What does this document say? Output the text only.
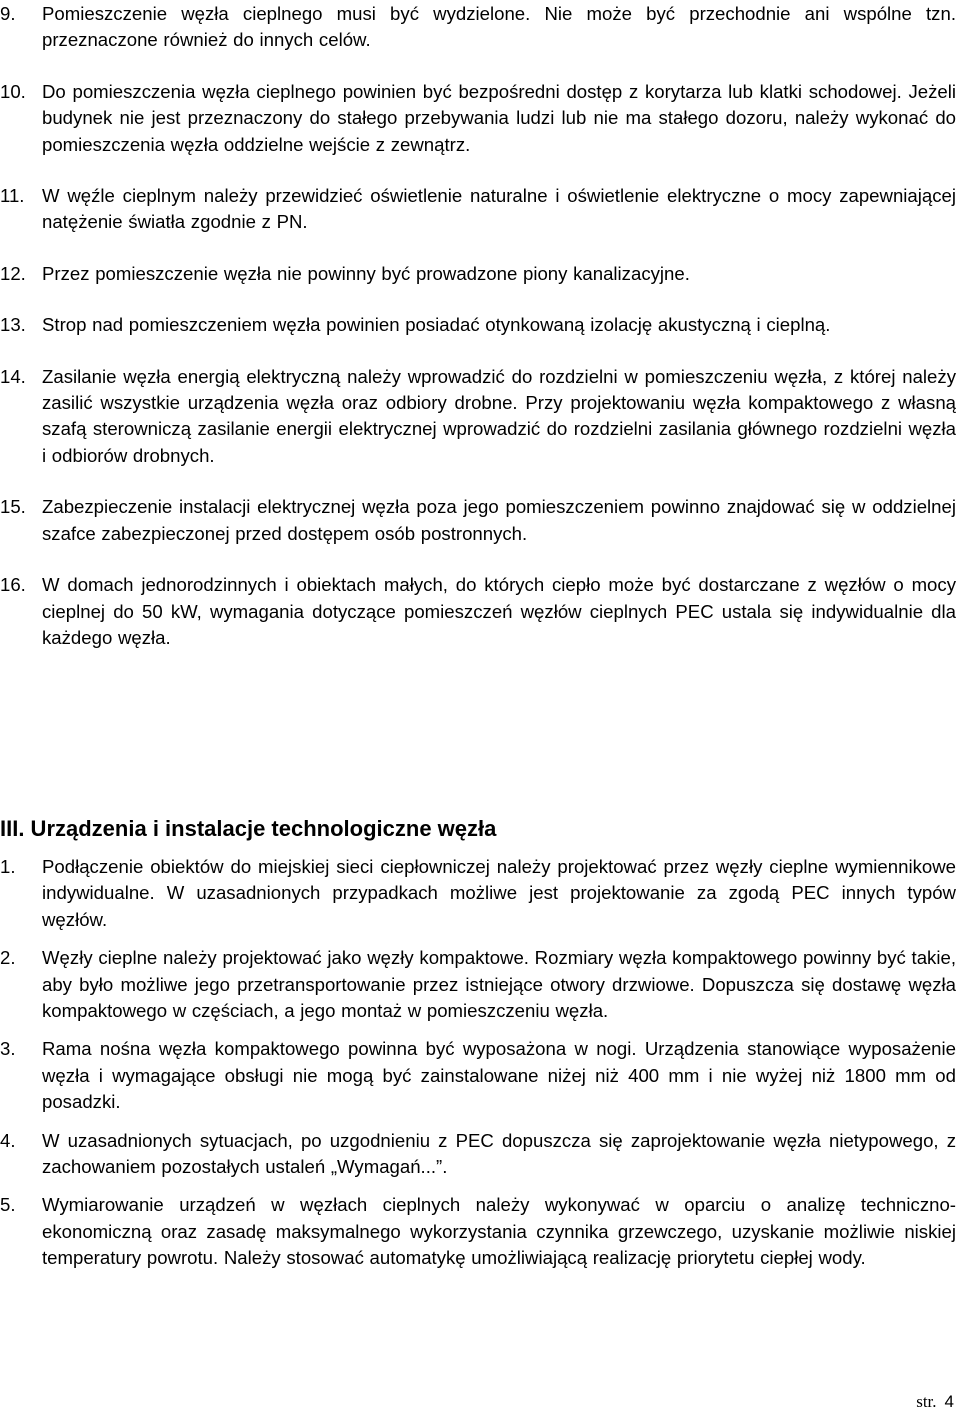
9.	Pomieszczenie węzła cieplnego musi być wydzielone. Nie może być przechodnie ani wspólne tzn. przeznaczone również do innych celów.
10. Do pomieszczenia węzła cieplnego powinien być bezpośredni dostęp z korytarza lub klatki schodowej. Jeżeli budynek nie jest przeznaczony do stałego przebywania ludzi lub nie ma stałego dozoru, należy wykonać do pomieszczenia węzła oddzielne wejście z zewnątrz.
11. W węźle cieplnym należy przewidzieć oświetlenie naturalne i oświetlenie elektryczne o mocy zapewniającej natężenie światła zgodnie z PN.
12. Przez pomieszczenie węzła nie powinny być prowadzone piony kanalizacyjne.
13. Strop nad pomieszczeniem węzła powinien posiadać otynkowaną izolację akustyczną i cieplną.
14. Zasilanie węzła energią elektryczną należy wprowadzić do rozdzielni w pomieszczeniu węzła, z której należy zasilić wszystkie urządzenia węzła oraz odbiory drobne. Przy projektowaniu węzła kompaktowego z własną szafą sterowniczą zasilanie energii elektrycznej wprowadzić do rozdzielni zasilania głównego rozdzielni węzła i odbiorów drobnych.
15. Zabezpieczenie instalacji elektrycznej węzła poza jego pomieszczeniem powinno znajdować się w oddzielnej szafce zabezpieczonej przed dostępem osób postronnych.
16. W domach jednorodzinnych i obiektach małych, do których ciepło może być dostarczane z węzłów o mocy cieplnej do 50 kW, wymagania dotyczące pomieszczeń węzłów cieplnych PEC ustala się indywidualnie dla każdego węzła.
III. Urządzenia i instalacje technologiczne węzła
1.	Podłączenie obiektów do miejskiej sieci ciepłowniczej należy projektować przez węzły cieplne wymiennikowe indywidualne. W uzasadnionych przypadkach możliwe jest projektowanie za zgodą PEC innych typów węzłów.
2.	Węzły cieplne należy projektować jako węzły kompaktowe. Rozmiary węzła kompaktowego powinny być takie, aby było możliwe jego przetransportowanie przez istniejące otwory drzwiowe. Dopuszcza się dostawę węzła kompaktowego w częściach, a jego montaż w pomieszczeniu węzła.
3.	Rama nośna węzła kompaktowego powinna być wyposażona w nogi. Urządzenia stanowiące wyposażenie węzła i wymagające obsługi nie mogą być zainstalowane niżej niż 400 mm i nie wyżej niż 1800 mm od posadzki.
4.	W uzasadnionych sytuacjach, po uzgodnieniu z PEC dopuszcza się zaprojektowanie węzła nietypowego, z zachowaniem pozostałych ustaleń „Wymagań...”.
5.	Wymiarowanie urządzeń w węzłach cieplnych należy wykonywać w oparciu o analizę techniczno-ekonomiczną oraz zasadę maksymalnego wykorzystania czynnika grzewczego, uzyskanie możliwie niskiej temperatury powrotu. Należy stosować automatykę umożliwiającą realizację priorytetu ciepłej wody.
str. 4
